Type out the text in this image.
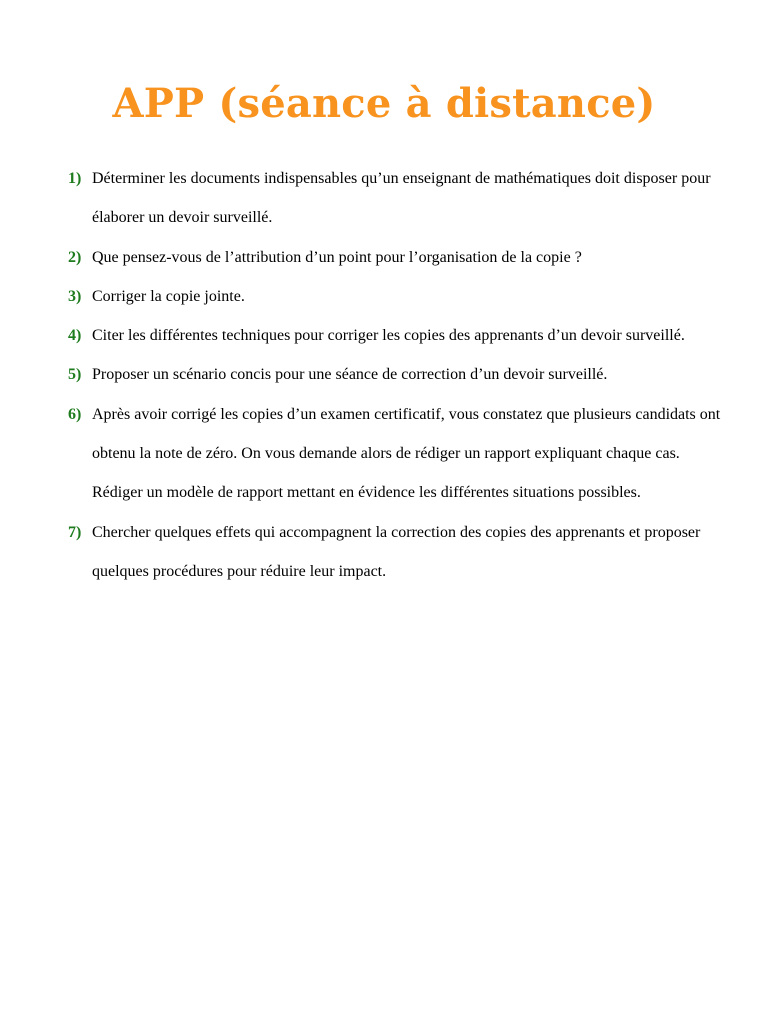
APP (séance à distance)
1) Déterminer les documents indispensables qu’un enseignant de mathématiques doit disposer pour élaborer un devoir surveillé.
2) Que pensez-vous de l’attribution d’un point pour l’organisation de la copie ?
3) Corriger la copie jointe.
4) Citer les différentes techniques pour corriger les copies des apprenants d’un devoir surveillé.
5) Proposer un scénario concis pour une séance de correction d’un devoir surveillé.
6) Après avoir corrigé les copies d’un examen certificatif, vous constatez que plusieurs candidats ont obtenu la note de zéro. On vous demande alors de rédiger un rapport expliquant chaque cas.
Rédiger un modèle de rapport mettant en évidence les différentes situations possibles.
7) Chercher quelques effets qui accompagnent la correction des copies des apprenants et proposer quelques procédures pour réduire leur impact.
